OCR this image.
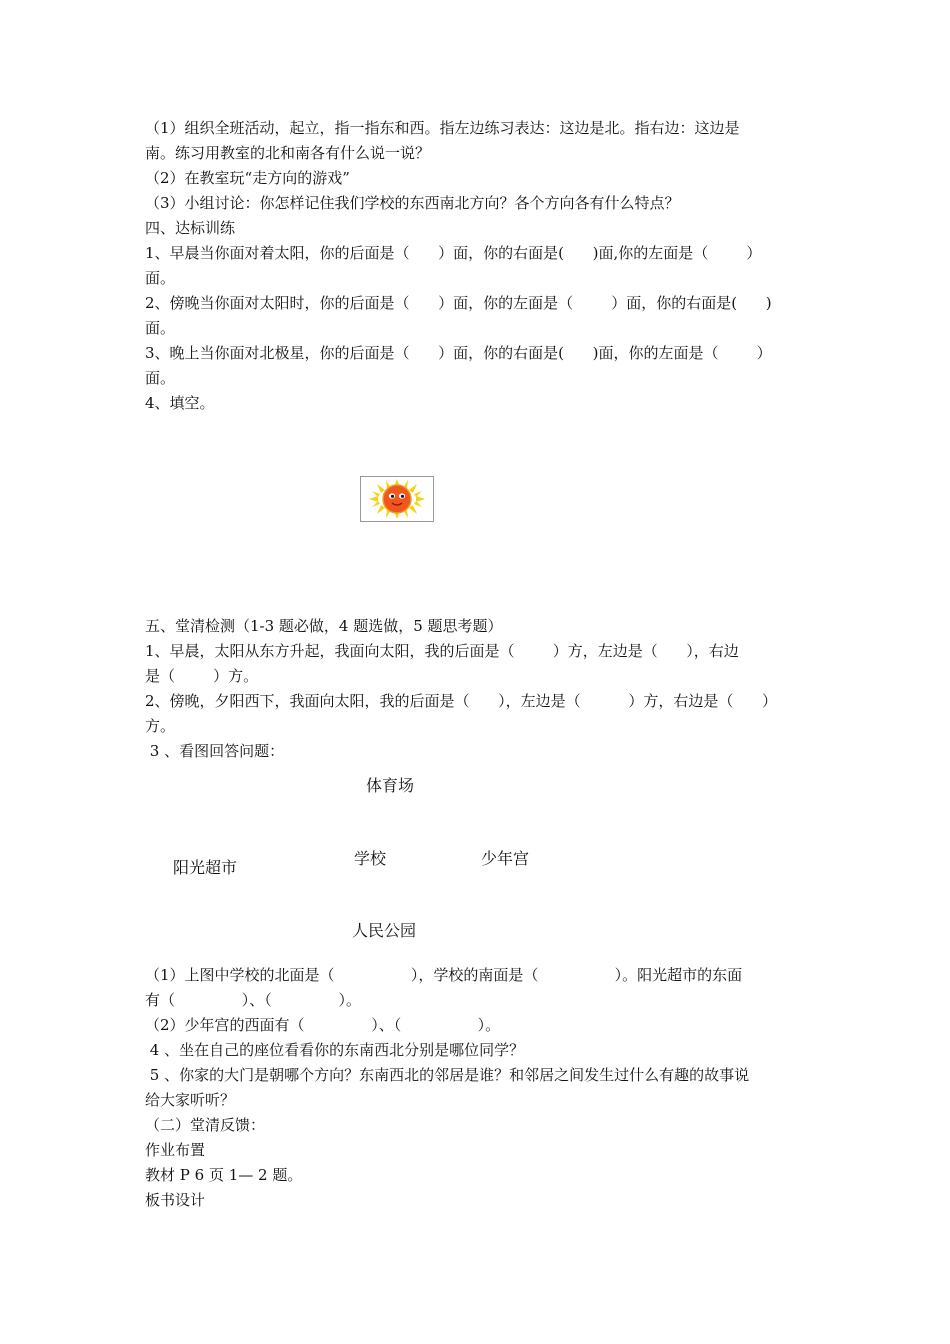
（1）组织全班活动，起立，指一指东和西。指左边练习表达：这边是北。指右边：这边是
南。练习用教室的北和南各有什么说一说？
（2）在教室玩“走方向的游戏”
（3）小组讨论：你怎样记住我们学校的东西南北方向？各个方向各有什么特点？
四、达标训练
1、早晨当你面对着太阳，你的后面是（      ）面，你的右面是(      )面,你的左面是（        ）
面。
2、傍晚当你面对太阳时，你的后面是（      ）面，你的左面是（        ）面，你的右面是(      )
面。
3、晚上当你面对北极星，你的后面是（      ）面，你的右面是(      )面，你的左面是（        ）
面。
4、填空。
五、堂清检测（1-3 题必做，4 题选做，5 题思考题）
1、早晨，太阳从东方升起，我面向太阳，我的后面是（        ）方，左边是（      ），右边
是（        ）方。
2、傍晚，夕阳西下，我面向太阳，我的后面是（      ），左边是（          ）方，右边是（      ）
方。
3 、看图回答问题：
体育场
学校	少年宫
阳光超市
人民公园
（1）上图中学校的北面是（                ），学校的南面是（                ）。阳光超市的东面
有（              ）、（              ）。
（2）少年宫的西面有（              ）、（                ）。
4 、坐在自己的座位看看你的东南西北分别是哪位同学？
5 、你家的大门是朝哪个方向？东南西北的邻居是谁？和邻居之间发生过什么有趣的故事说
给大家听听？
（二）堂清反馈：
作业布置
教材 P 6 页 1— 2 题。
板书设计
